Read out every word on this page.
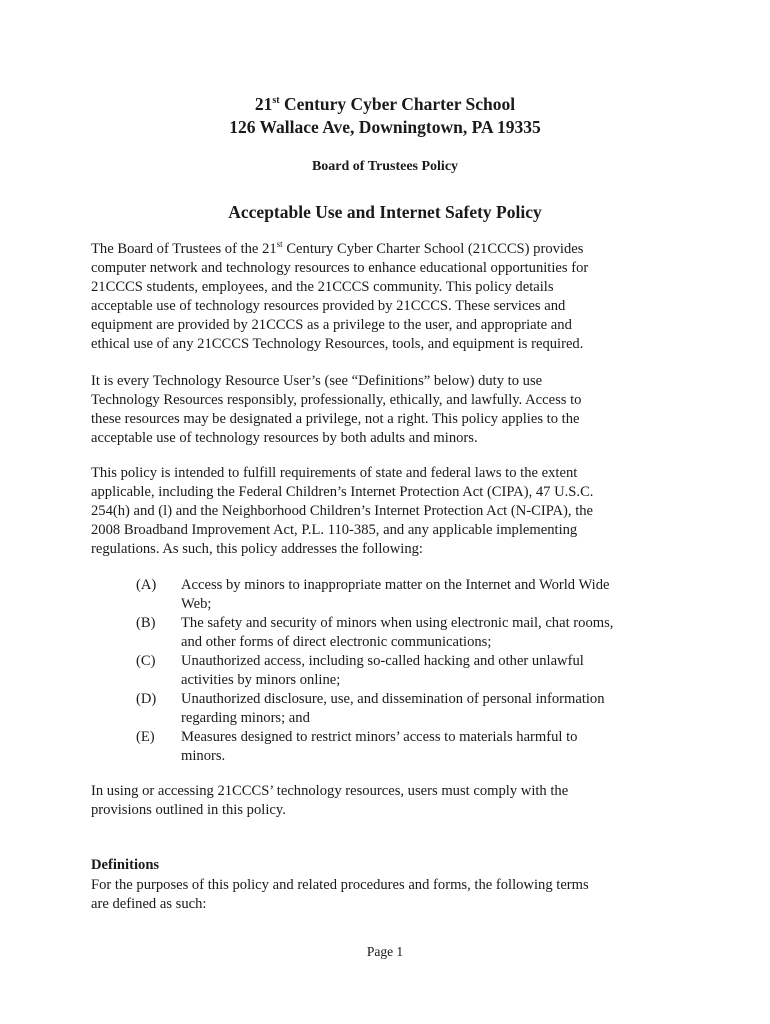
21st Century Cyber Charter School
126 Wallace Ave, Downingtown, PA 19335
Board of Trustees Policy
Acceptable Use and Internet Safety Policy
The Board of Trustees of the 21st Century Cyber Charter School (21CCCS) provides
computer network and technology resources to enhance educational opportunities for
21CCCS students, employees, and the 21CCCS community. This policy details
acceptable use of technology resources provided by 21CCCS. These services and
equipment are provided by 21CCCS as a privilege to the user, and appropriate and
ethical use of any 21CCCS Technology Resources, tools, and equipment is required.
It is every Technology Resource User’s (see “Definitions” below) duty to use
Technology Resources responsibly, professionally, ethically, and lawfully. Access to
these resources may be designated a privilege, not a right. This policy applies to the
acceptable use of technology resources by both adults and minors.
This policy is intended to fulfill requirements of state and federal laws to the extent
applicable, including the Federal Children’s Internet Protection Act (CIPA), 47 U.S.C.
254(h) and (l) and the Neighborhood Children’s Internet Protection Act (N-CIPA), the
2008 Broadband Improvement Act, P.L. 110-385, and any applicable implementing
regulations. As such, this policy addresses the following:
(A) Access by minors to inappropriate matter on the Internet and World Wide
Web;
(B) The safety and security of minors when using electronic mail, chat rooms,
and other forms of direct electronic communications;
(C) Unauthorized access, including so-called hacking and other unlawful
activities by minors online;
(D) Unauthorized disclosure, use, and dissemination of personal information
regarding minors; and
(E) Measures designed to restrict minors’ access to materials harmful to
minors.
In using or accessing 21CCCS’ technology resources, users must comply with the
provisions outlined in this policy.
Definitions
For the purposes of this policy and related procedures and forms, the following terms
are defined as such:
Page 1
